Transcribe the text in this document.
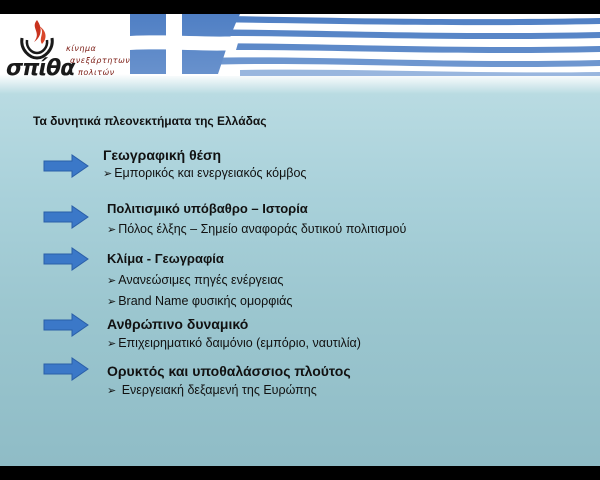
σπίθα
κίνημα
ανεξάρτητων
πολιτών
Τα δυνητικά πλεονεκτήματα της Ελλάδας
Γεωγραφική θέση
➢ Εμπορικός και ενεργειακός κόμβος
Πολιτισμικό υπόβαθρο – Ιστορία
➢ Πόλος έλξης – Σημείο αναφοράς δυτικού πολιτισμού
Κλίμα - Γεωγραφία
➢ Ανανεώσιμες πηγές ενέργειας
➢ Brand Name φυσικής ομορφιάς
Ανθρώπινο δυναμικό
➢ Επιχειρηματικό δαιμόνιο (εμπόριο, ναυτιλία)
Ορυκτός και υποθαλάσσιος πλούτος
➢ Ενεργειακή δεξαμενή της Ευρώπης
